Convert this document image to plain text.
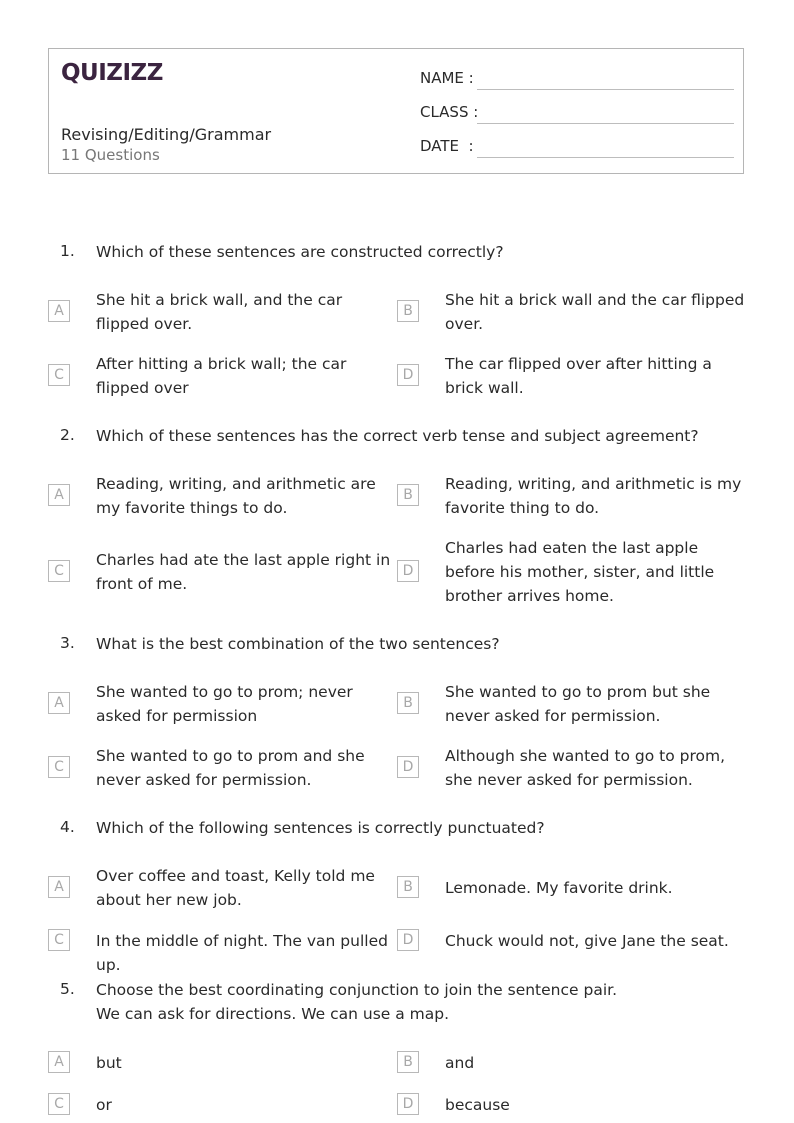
QUIZIZZ
Revising/Editing/Grammar
11 Questions
NAME :
CLASS :
DATE  :
1. Which of these sentences are constructed correctly?
A
She hit a brick wall, and the car flipped over.
B
She hit a brick wall and the car flipped over.
C
After hitting a brick wall; the car flipped over
D
The car flipped over after hitting a brick wall.
2. Which of these sentences has the correct verb tense and subject agreement?
A
Reading, writing, and arithmetic are my favorite things to do.
B
Reading, writing, and arithmetic is my favorite thing to do.
C
Charles had ate the last apple right in front of me.
D
Charles had eaten the last apple before his mother, sister, and little brother arrives home.
3. What is the best combination of the two sentences?
A
She wanted to go to prom; never asked for permission
B
She wanted to go to prom but she never asked for permission.
C
She wanted to go to prom and she never asked for permission.
D
Although she wanted to go to prom, she never asked for permission.
4. Which of the following sentences is correctly punctuated?
A
Over coffee and toast, Kelly told me about her new job.
B	Lemonade. My favorite drink.
C	In the middle of night. The van pulled up.
D	Chuck would not, give Jane the seat.
5. Choose the best coordinating conjunction to join the sentence pair.
We can ask for directions. We can use a map.
A	but	B	and
C	or	D	because
